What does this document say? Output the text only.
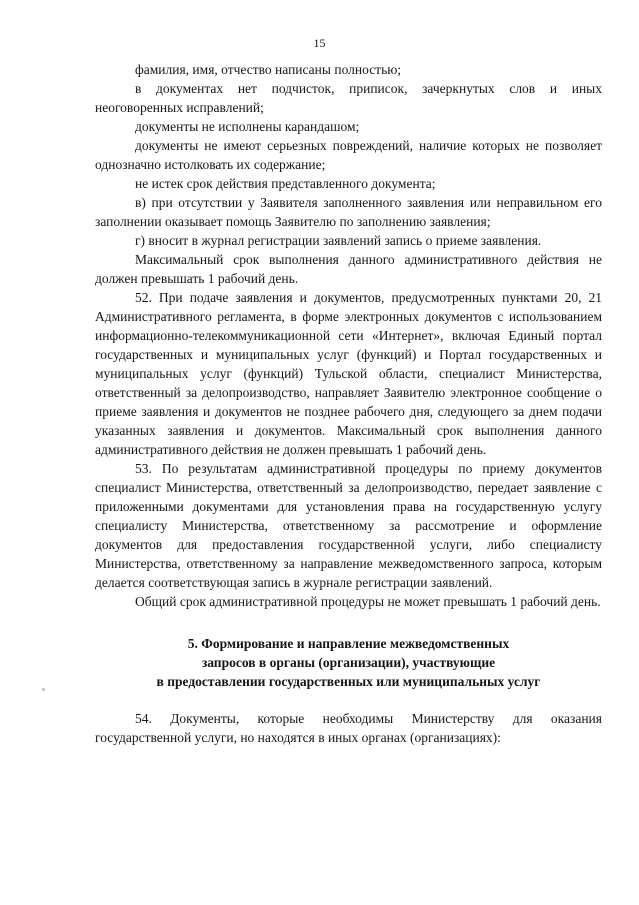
15

фамилия, имя, отчество написаны полностью;

в документах нет подчисток, приписок, зачеркнутых слов и иных неоговоренных исправлений;

документы не исполнены карандашом;

документы не имеют серьезных повреждений, наличие которых не позволяет однозначно истолковать их содержание;

не истек срок действия представленного документа;

в) при отсутствии у Заявителя заполненного заявления или неправильном его заполнении оказывает помощь Заявителю по заполнению заявления;

г) вносит в журнал регистрации заявлений запись о приеме заявления.

Максимальный срок выполнения данного административного действия не должен превышать 1 рабочий день.

52. При подаче заявления и документов, предусмотренных пунктами 20, 21 Административного регламента, в форме электронных документов с использованием информационно-телекоммуникационной сети «Интернет», включая Единый портал государственных и муниципальных услуг (функций) и Портал государственных и муниципальных услуг (функций) Тульской области, специалист Министерства, ответственный за делопроизводство, направляет Заявителю электронное сообщение о приеме заявления и документов не позднее рабочего дня, следующего за днем подачи указанных заявления и документов. Максимальный срок выполнения данного административного действия не должен превышать 1 рабочий день.

53. По результатам административной процедуры по приему документов специалист Министерства, ответственный за делопроизводство, передает заявление с приложенными документами для установления права на государственную услугу специалисту Министерства, ответственному за рассмотрение и оформление документов для предоставления государственной услуги, либо специалисту Министерства, ответственному за направление межведомственного запроса, которым делается соответствующая запись в журнале регистрации заявлений.

Общий срок административной процедуры не может превышать 1 рабочий день.

5. Формирование и направление межведомственных
запросов в органы (организации), участвующие
в предоставлении государственных или муниципальных услуг

54. Документы, которые необходимы Министерству для оказания государственной услуги, но находятся в иных органах (организациях):
